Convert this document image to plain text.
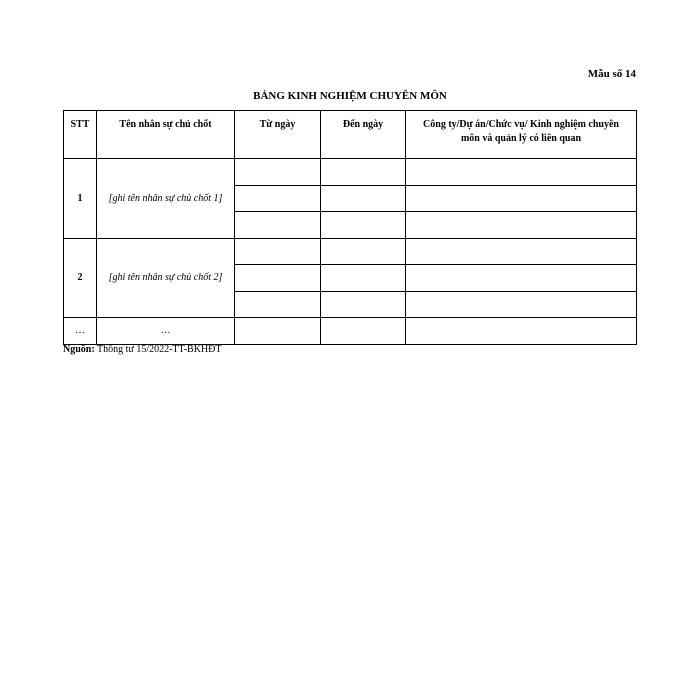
Mẫu số 14
BẢNG KINH NGHIỆM CHUYÊN MÔN
STT	Tên nhân sự chủ chốt	Từ ngày	Đến ngày	Công ty/Dự án/Chức vụ/ Kinh nghiệm chuyên môn và quản lý có liên quan
1	[ghi tên nhân sự chủ chốt 1]			

2	[ghi tên nhân sự chủ chốt 2]			

…	…			
Nguồn: Thông tư 15/2022-TT-BKHĐT
